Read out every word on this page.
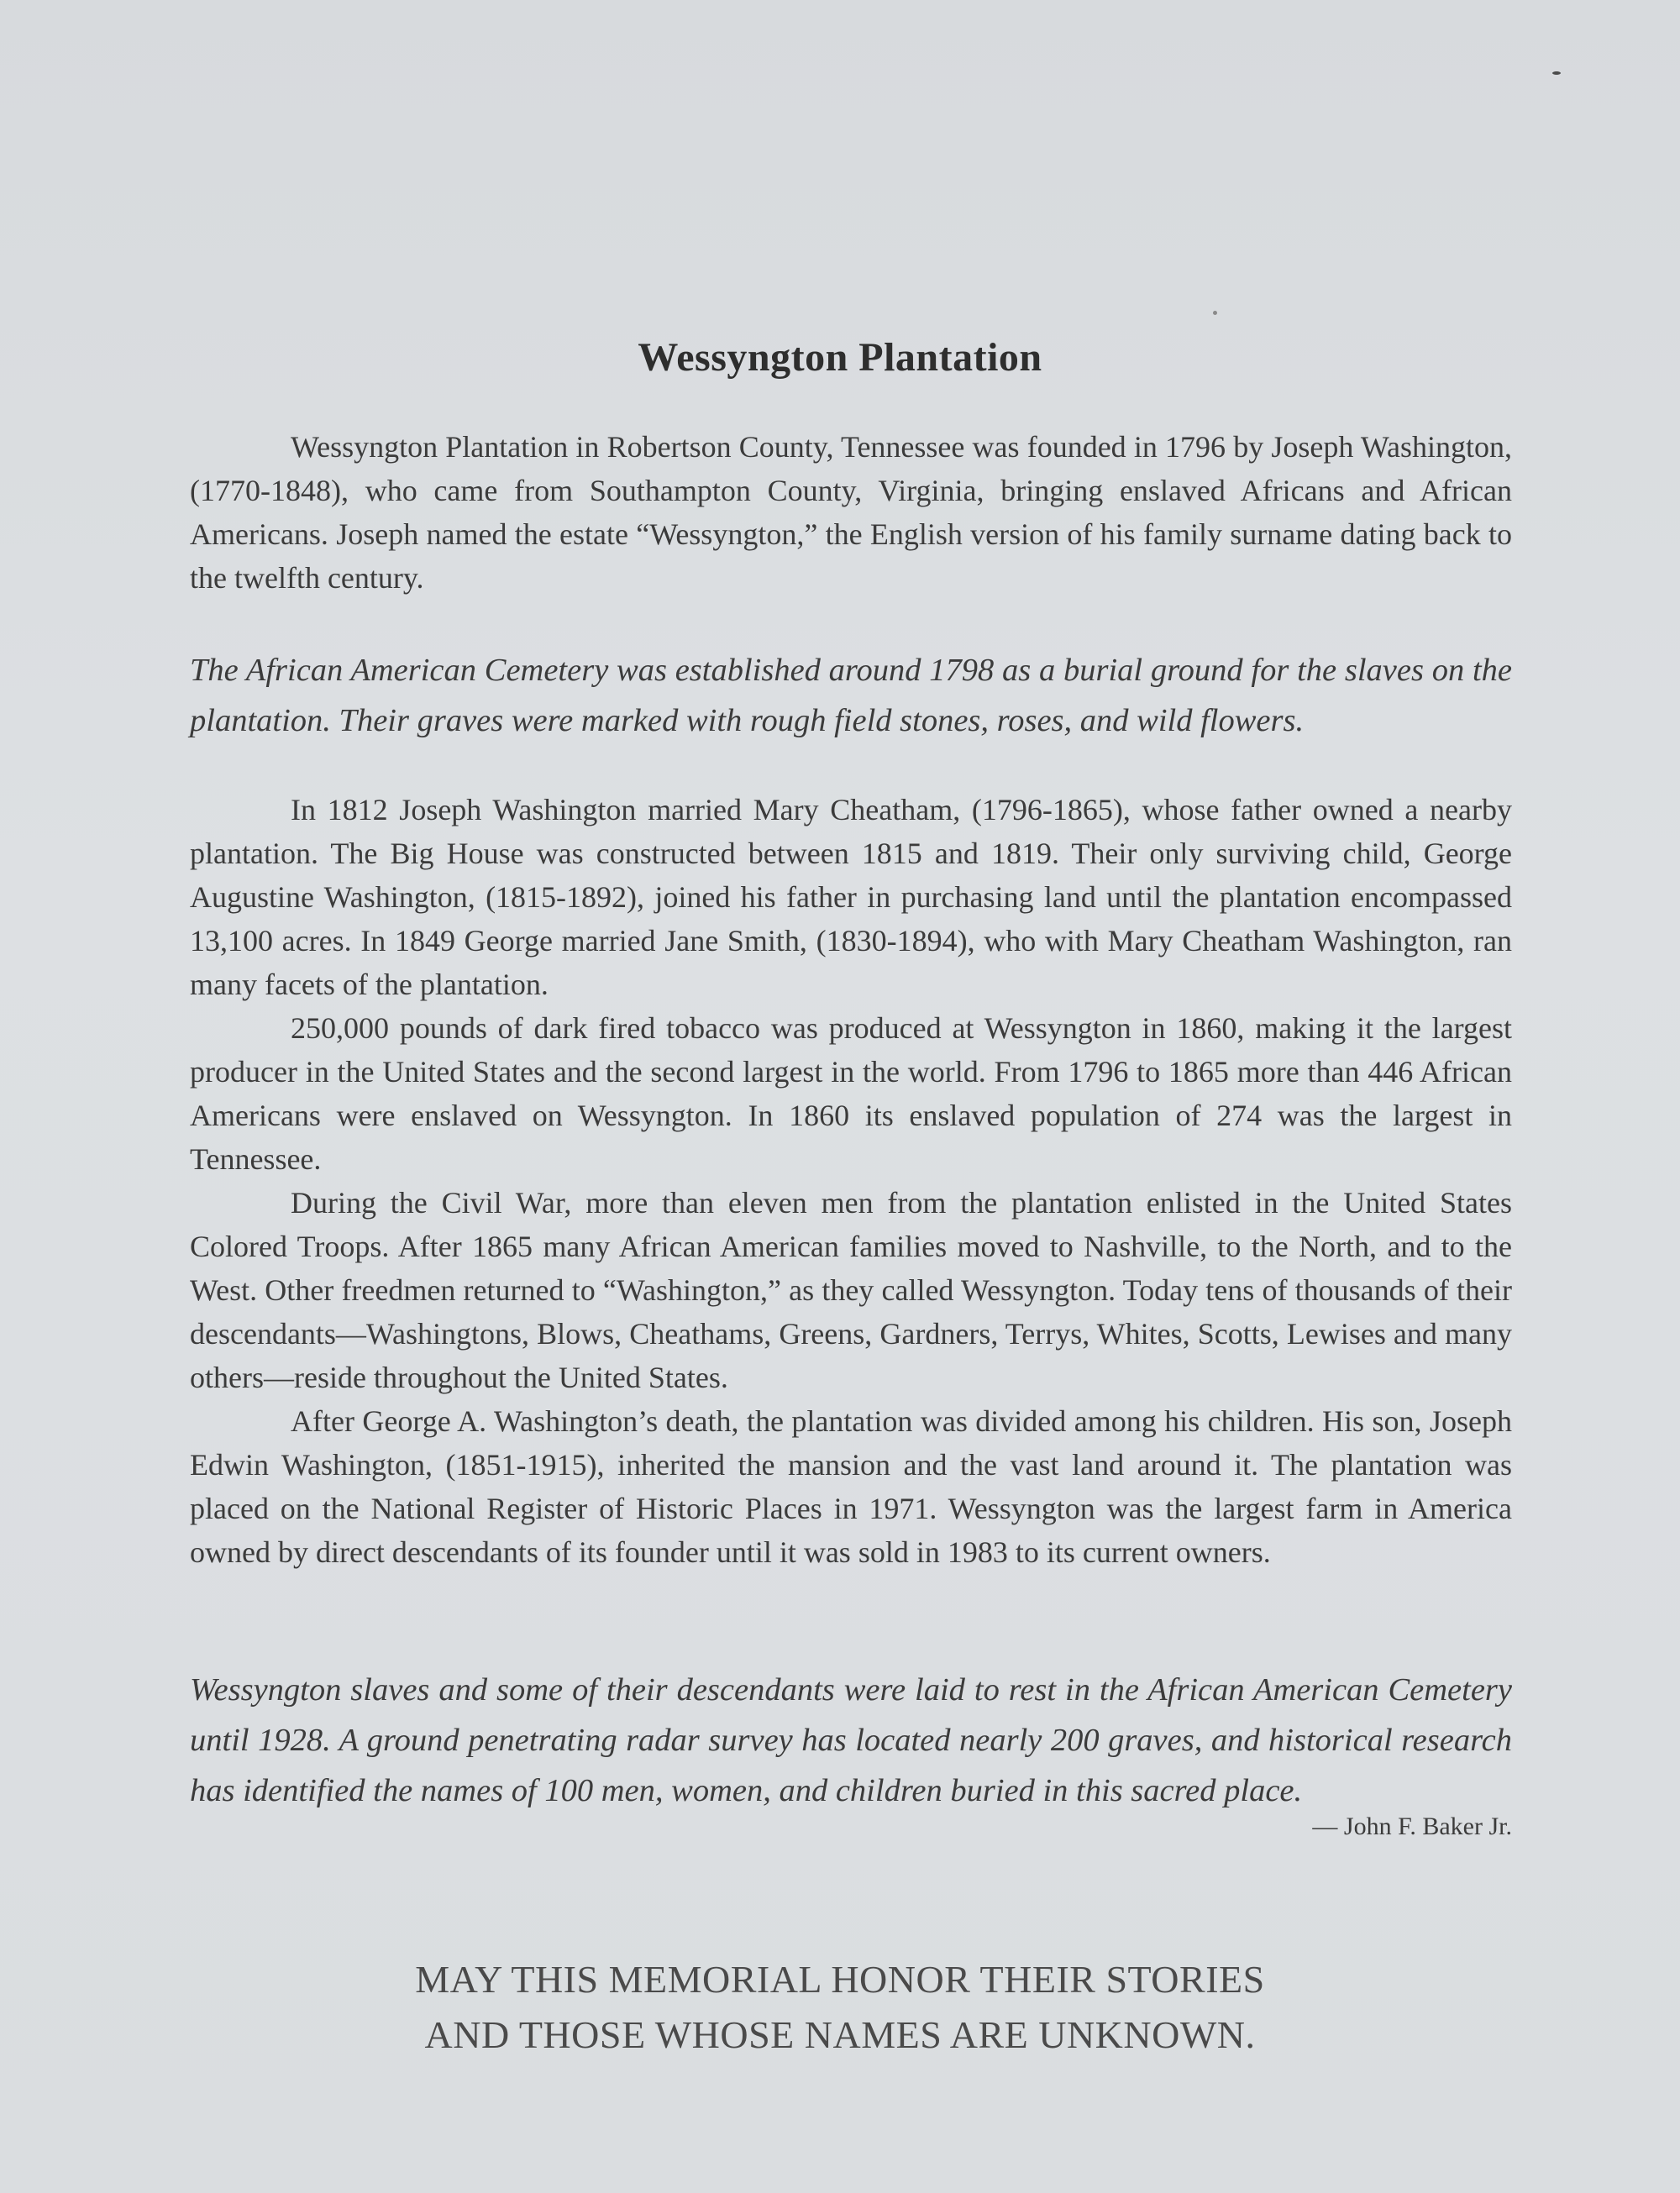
Wessyngton Plantation

Wessyngton Plantation in Robertson County, Tennessee was founded in 1796 by Joseph Washington, (1770-1848), who came from Southampton County, Virginia, bringing enslaved Africans and African Americans. Joseph named the estate “Wessyngton,” the English version of his family surname dating back to the twelfth century.

The African American Cemetery was established around 1798 as a burial ground for the slaves on the plantation. Their graves were marked with rough field stones, roses, and wild flowers.

In 1812 Joseph Washington married Mary Cheatham, (1796-1865), whose father owned a nearby plantation. The Big House was constructed between 1815 and 1819. Their only surviving child, George Augustine Washington, (1815-1892), joined his father in purchasing land until the plantation encompassed 13,100 acres. In 1849 George married Jane Smith, (1830-1894), who with Mary Cheatham Washington, ran many facets of the plantation.

250,000 pounds of dark fired tobacco was produced at Wessyngton in 1860, making it the largest producer in the United States and the second largest in the world. From 1796 to 1865 more than 446 African Americans were enslaved on Wessyngton. In 1860 its enslaved population of 274 was the largest in Tennessee.

During the Civil War, more than eleven men from the plantation enlisted in the United States Colored Troops. After 1865 many African American families moved to Nashville, to the North, and to the West. Other freedmen returned to “Washington,” as they called Wessyngton. Today tens of thousands of their descendants—Washingtons, Blows, Cheathams, Greens, Gardners, Terrys, Whites, Scotts, Lewises and many others—reside throughout the United States.

After George A. Washington’s death, the plantation was divided among his children. His son, Joseph Edwin Washington, (1851-1915), inherited the mansion and the vast land around it. The plantation was placed on the National Register of Historic Places in 1971. Wessyngton was the largest farm in America owned by direct descendants of its founder until it was sold in 1983 to its current owners.

Wessyngton slaves and some of their descendants were laid to rest in the African American Cemetery until 1928. A ground penetrating radar survey has located nearly 200 graves, and historical research has identified the names of 100 men, women, and children buried in this sacred place.
— John F. Baker Jr.
MAY THIS MEMORIAL HONOR THEIR STORIES
AND THOSE WHOSE NAMES ARE UNKNOWN.
